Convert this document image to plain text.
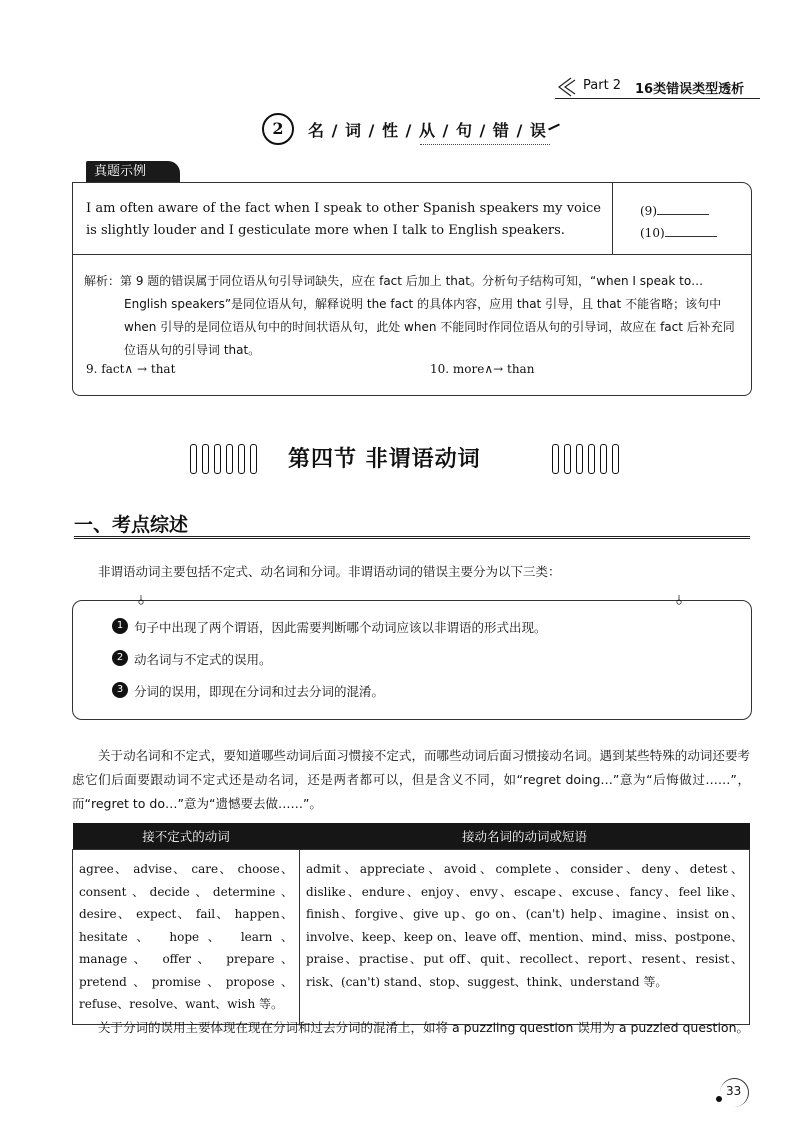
Part 2 16类错误类型透析
2	名 / 词 / 性 / 从 / 句 / 错 / 误
真题示例
I am often aware of the fact when I speak to other Spanish speakers my voice is slightly louder and I gesticulate more when I talk to English speakers.
(9)
(10)
解析：第 9 题的错误属于同位语从句引导词缺失，应在 fact 后加上 that。分析句子结构可知，“when I speak to… English speakers”是同位语从句，解释说明 the fact 的具体内容，应用 that 引导，且 that 不能省略；该句中 when 引导的是同位语从句中的时间状语从句，此处 when 不能同时作同位语从句的引导词，故应在 fact 后补充同位语从句的引导词 that。
9. fact∧ → that	10. more∧→ than
第四节 非谓语动词
一、考点综述
非谓语动词主要包括不定式、动名词和分词。非谓语动词的错误主要分为以下三类：
1 句子中出现了两个谓语，因此需要判断哪个动词应该以非谓语的形式出现。
2 动名词与不定式的误用。
3 分词的误用，即现在分词和过去分词的混淆。
关于动名词和不定式，要知道哪些动词后面习惯接不定式，而哪些动词后面习惯接动名词。遇到某些特殊的动词还要考虑它们后面要跟动词不定式还是动名词，还是两者都可以，但是含义不同，如“regret doing…”意为“后悔做过……”，而“regret to do…”意为“遗憾要去做……”。
接不定式的动词	接动名词的动词或短语
agree、 advise、 care、 choose、 consent、decide、determine、desire、 expect、 fail、 happen、 hesitate、 hope、 learn、 manage、 offer、 prepare、pretend、promise、propose、 refuse、resolve、want、wish 等。	admit、appreciate、avoid、complete、consider、deny、detest、dislike、endure、enjoy、envy、escape、excuse、fancy、feel like、finish、forgive、give up、go on、(can't) help、imagine、insist on、involve、keep、keep on、leave off、mention、mind、miss、postpone、praise、practise、put off、quit、recollect、report、resent、resist、risk、(can't) stand、stop、suggest、think、understand 等。
关于分词的误用主要体现在现在分词和过去分词的混淆上，如将 a puzzling question 误用为 a puzzled question。
33
